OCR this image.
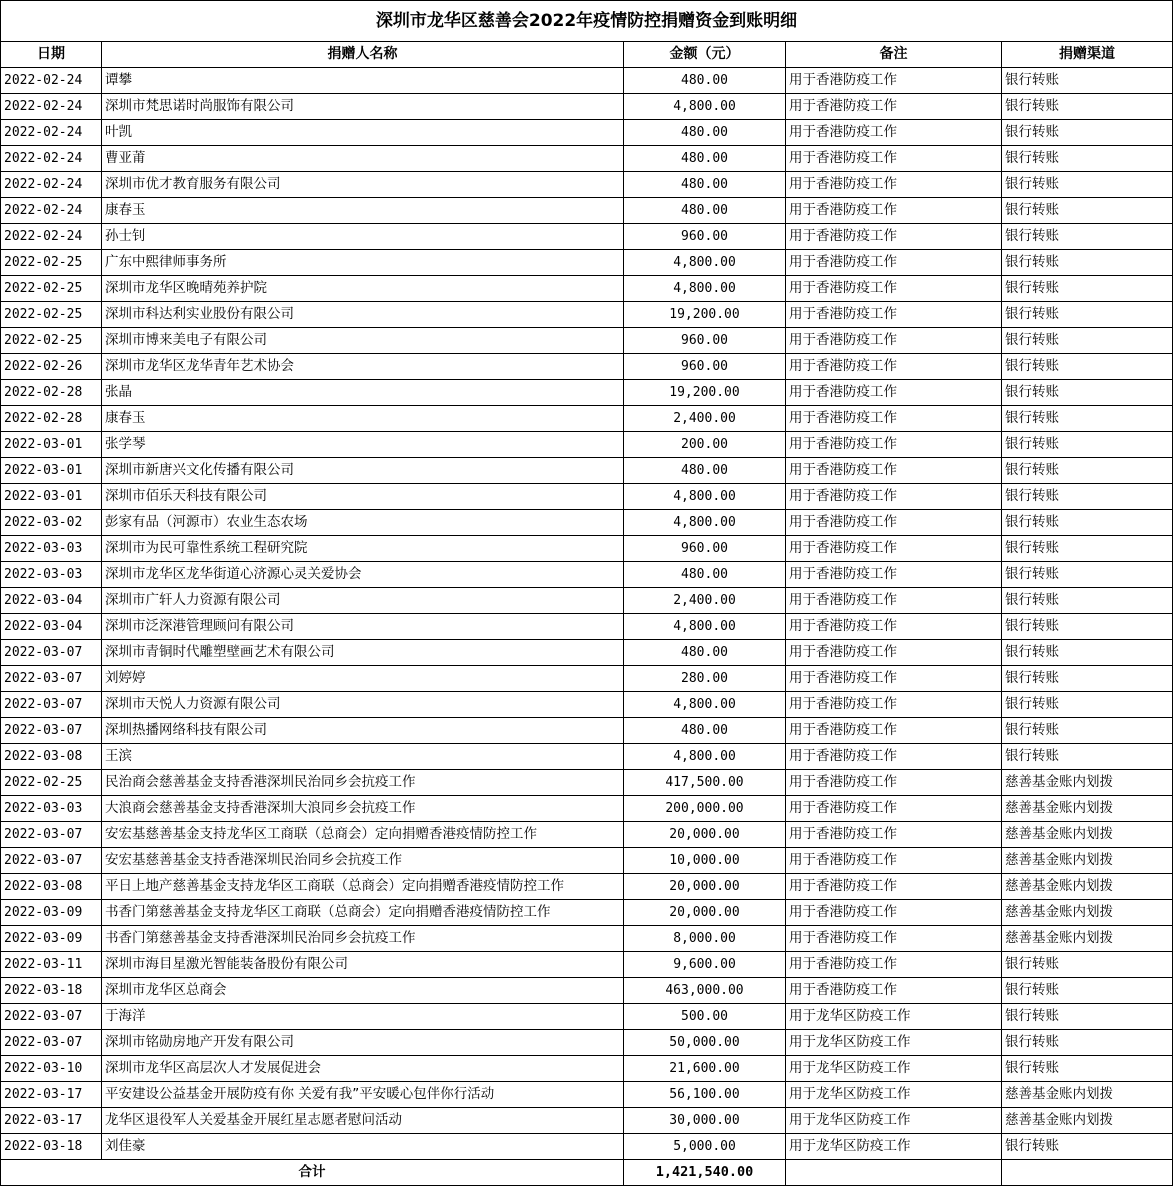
深圳市龙华区慈善会2022年疫情防控捐赠资金到账明细				
日期	捐赠人名称	金额（元）	备注	捐赠渠道
2022-02-24	谭攀	480.00	用于香港防疫工作	银行转账
2022-02-24	深圳市梵思诺时尚服饰有限公司	4,800.00	用于香港防疫工作	银行转账
2022-02-24	叶凯	480.00	用于香港防疫工作	银行转账
2022-02-24	曹亚莆	480.00	用于香港防疫工作	银行转账
2022-02-24	深圳市优才教育服务有限公司	480.00	用于香港防疫工作	银行转账
2022-02-24	康春玉	480.00	用于香港防疫工作	银行转账
2022-02-24	孙士钊	960.00	用于香港防疫工作	银行转账
2022-02-25	广东中熙律师事务所	4,800.00	用于香港防疫工作	银行转账
2022-02-25	深圳市龙华区晚晴苑养护院	4,800.00	用于香港防疫工作	银行转账
2022-02-25	深圳市科达利实业股份有限公司	19,200.00	用于香港防疫工作	银行转账
2022-02-25	深圳市博来美电子有限公司	960.00	用于香港防疫工作	银行转账
2022-02-26	深圳市龙华区龙华青年艺术协会	960.00	用于香港防疫工作	银行转账
2022-02-28	张晶	19,200.00	用于香港防疫工作	银行转账
2022-02-28	康春玉	2,400.00	用于香港防疫工作	银行转账
2022-03-01	张学琴	200.00	用于香港防疫工作	银行转账
2022-03-01	深圳市新唐兴文化传播有限公司	480.00	用于香港防疫工作	银行转账
2022-03-01	深圳市佰乐天科技有限公司	4,800.00	用于香港防疫工作	银行转账
2022-03-02	彭家有品（河源市）农业生态农场	4,800.00	用于香港防疫工作	银行转账
2022-03-03	深圳市为民可靠性系统工程研究院	960.00	用于香港防疫工作	银行转账
2022-03-03	深圳市龙华区龙华街道心济源心灵关爱协会	480.00	用于香港防疫工作	银行转账
2022-03-04	深圳市广轩人力资源有限公司	2,400.00	用于香港防疫工作	银行转账
2022-03-04	深圳市泛深港管理顾问有限公司	4,800.00	用于香港防疫工作	银行转账
2022-03-07	深圳市青铜时代雕塑壁画艺术有限公司	480.00	用于香港防疫工作	银行转账
2022-03-07	刘婷婷	280.00	用于香港防疫工作	银行转账
2022-03-07	深圳市天悦人力资源有限公司	4,800.00	用于香港防疫工作	银行转账
2022-03-07	深圳热播网络科技有限公司	480.00	用于香港防疫工作	银行转账
2022-03-08	王滨	4,800.00	用于香港防疫工作	银行转账
2022-02-25	民治商会慈善基金支持香港深圳民治同乡会抗疫工作	417,500.00	用于香港防疫工作	慈善基金账内划拨
2022-03-03	大浪商会慈善基金支持香港深圳大浪同乡会抗疫工作	200,000.00	用于香港防疫工作	慈善基金账内划拨
2022-03-07	安宏基慈善基金支持龙华区工商联（总商会）定向捐赠香港疫情防控工作	20,000.00	用于香港防疫工作	慈善基金账内划拨
2022-03-07	安宏基慈善基金支持香港深圳民治同乡会抗疫工作	10,000.00	用于香港防疫工作	慈善基金账内划拨
2022-03-08	平日上地产慈善基金支持龙华区工商联（总商会）定向捐赠香港疫情防控工作	20,000.00	用于香港防疫工作	慈善基金账内划拨
2022-03-09	书香门第慈善基金支持龙华区工商联（总商会）定向捐赠香港疫情防控工作	20,000.00	用于香港防疫工作	慈善基金账内划拨
2022-03-09	书香门第慈善基金支持香港深圳民治同乡会抗疫工作	8,000.00	用于香港防疫工作	慈善基金账内划拨
2022-03-11	深圳市海目星激光智能装备股份有限公司	9,600.00	用于香港防疫工作	银行转账
2022-03-18	深圳市龙华区总商会	463,000.00	用于香港防疫工作	银行转账
2022-03-07	于海洋	500.00	用于龙华区防疫工作	银行转账
2022-03-07	深圳市铭勋房地产开发有限公司	50,000.00	用于龙华区防疫工作	银行转账
2022-03-10	深圳市龙华区高层次人才发展促进会	21,600.00	用于龙华区防疫工作	银行转账
2022-03-17	平安建设公益基金开展防疫有你 关爱有我”平安暖心包伴你行活动	56,100.00	用于龙华区防疫工作	慈善基金账内划拨
2022-03-17	龙华区退役军人关爱基金开展红星志愿者慰问活动	30,000.00	用于龙华区防疫工作	慈善基金账内划拨
2022-03-18	刘佳豪	5,000.00	用于龙华区防疫工作	银行转账
合计		1,421,540.00		
